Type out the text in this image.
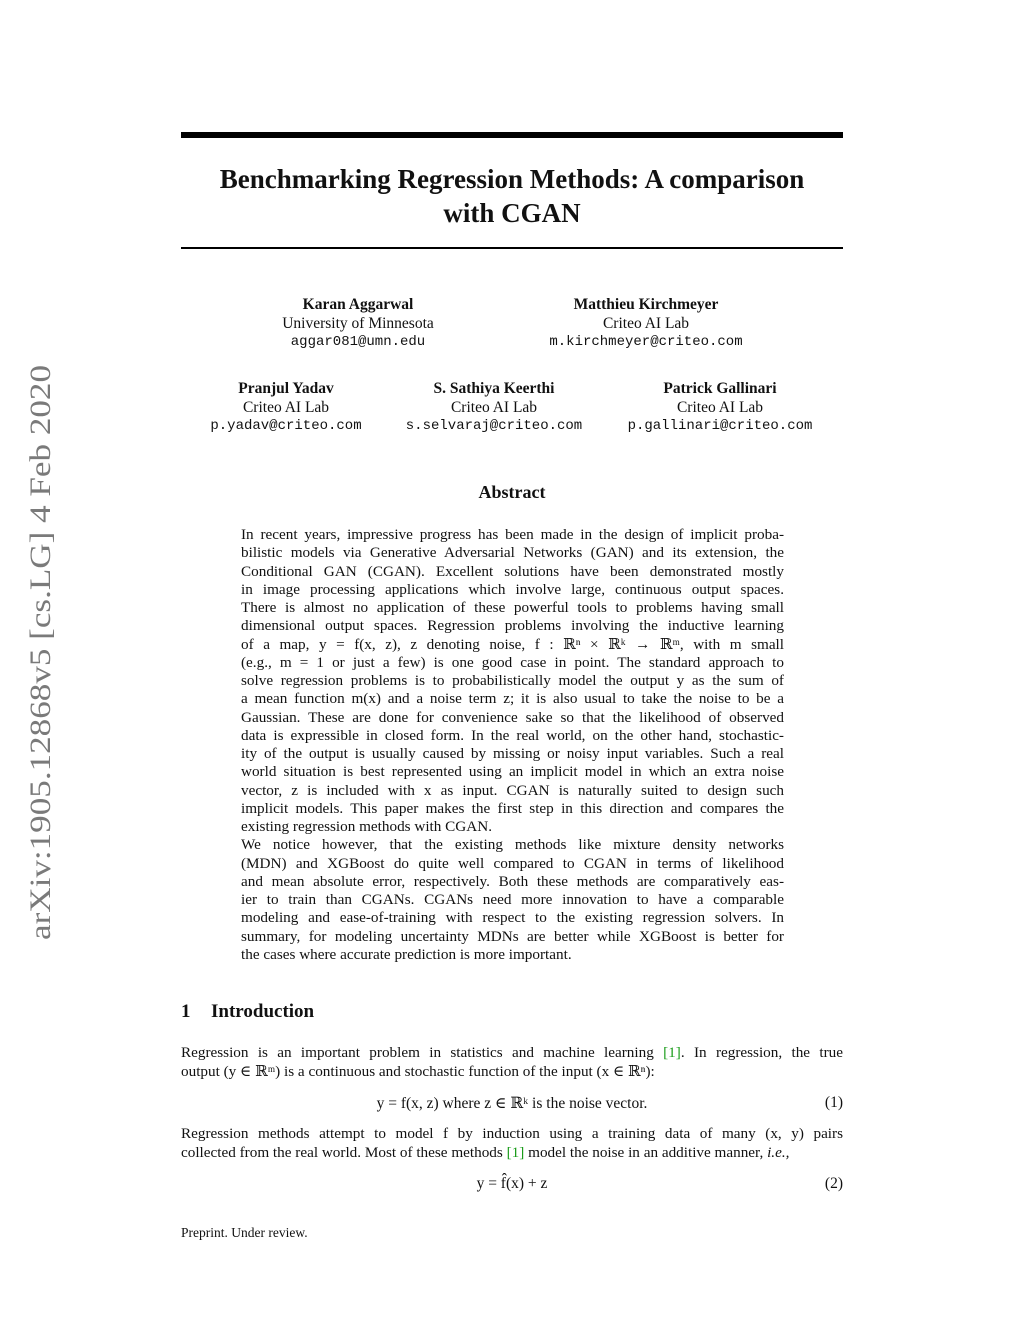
arXiv:1905.12868v5 [cs.LG] 4 Feb 2020
Benchmarking Regression Methods: A comparison
with CGAN
Karan Aggarwal
University of Minnesota
aggar081@umn.edu
Matthieu Kirchmeyer
Criteo AI Lab
m.kirchmeyer@criteo.com
Pranjul Yadav
Criteo AI Lab
p.yadav@criteo.com
S. Sathiya Keerthi
Criteo AI Lab
s.selvaraj@criteo.com
Patrick Gallinari
Criteo AI Lab
p.gallinari@criteo.com
Abstract
In recent years, impressive progress has been made in the design of implicit proba-
bilistic models via Generative Adversarial Networks (GAN) and its extension, the
Conditional GAN (CGAN). Excellent solutions have been demonstrated mostly
in image processing applications which involve large, continuous output spaces.
There is almost no application of these powerful tools to problems having small
dimensional output spaces. Regression problems involving the inductive learning
of a map, y = f(x, z), z denoting noise, f : ℝⁿ × ℝᵏ → ℝᵐ, with m small
(e.g., m = 1 or just a few) is one good case in point. The standard approach to
solve regression problems is to probabilistically model the output y as the sum of
a mean function m(x) and a noise term z; it is also usual to take the noise to be a
Gaussian. These are done for convenience sake so that the likelihood of observed
data is expressible in closed form. In the real world, on the other hand, stochastic-
ity of the output is usually caused by missing or noisy input variables. Such a real
world situation is best represented using an implicit model in which an extra noise
vector, z is included with x as input. CGAN is naturally suited to design such
implicit models. This paper makes the first step in this direction and compares the
existing regression methods with CGAN.
We notice however, that the existing methods like mixture density networks
(MDN) and XGBoost do quite well compared to CGAN in terms of likelihood
and mean absolute error, respectively. Both these methods are comparatively eas-
ier to train than CGANs. CGANs need more innovation to have a comparable
modeling and ease-of-training with respect to the existing regression solvers. In
summary, for modeling uncertainty MDNs are better while XGBoost is better for
the cases where accurate prediction is more important.
1 Introduction
Regression is an important problem in statistics and machine learning [1]. In regression, the true
output (y ∈ ℝᵐ) is a continuous and stochastic function of the input (x ∈ ℝⁿ):
y = f(x, z) where z ∈ ℝᵏ is the noise vector.	(1)
Regression methods attempt to model f by induction using a training data of many (x, y) pairs
collected from the real world. Most of these methods [1] model the noise in an additive manner, i.e.,
y = f̂(x) + z	(2)
Preprint. Under review.
